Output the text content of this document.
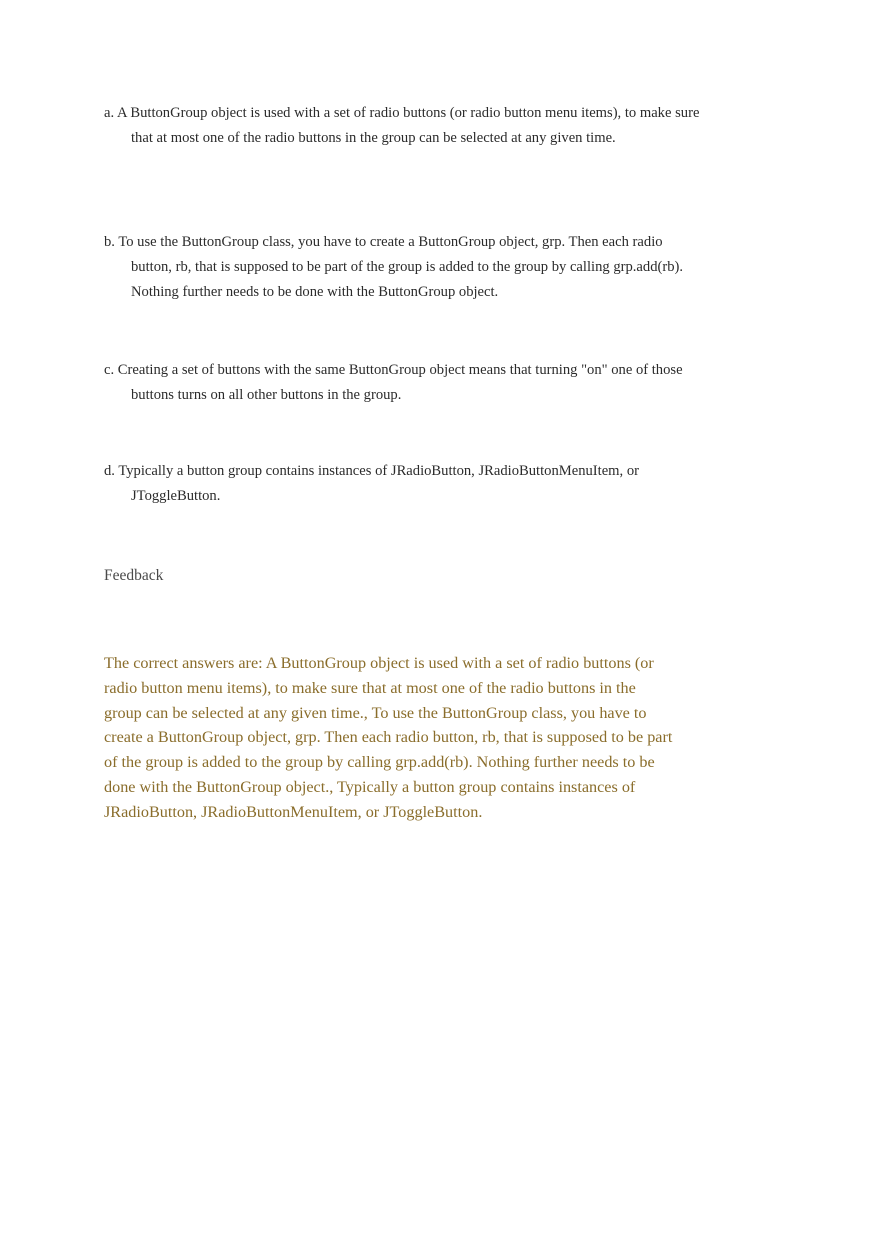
a. A ButtonGroup object is used with a set of radio buttons (or radio button menu items), to make sure that at most one of the radio buttons in the group can be selected at any given time.

b. To use the ButtonGroup class, you have to create a ButtonGroup object, grp. Then each radio button, rb, that is supposed to be part of the group is added to the group by calling grp.add(rb). Nothing further needs to be done with the ButtonGroup object.

c. Creating a set of buttons with the same ButtonGroup object means that turning "on" one of those buttons turns on all other buttons in the group.

d. Typically a button group contains instances of JRadioButton, JRadioButtonMenuItem, or JToggleButton.

Feedback

The correct answers are: A ButtonGroup object is used with a set of radio buttons (or radio button menu items), to make sure that at most one of the radio buttons in the group can be selected at any given time., To use the ButtonGroup class, you have to create a ButtonGroup object, grp. Then each radio button, rb, that is supposed to be part of the group is added to the group by calling grp.add(rb). Nothing further needs to be done with the ButtonGroup object., Typically a button group contains instances of JRadioButton, JRadioButtonMenuItem, or JToggleButton.
